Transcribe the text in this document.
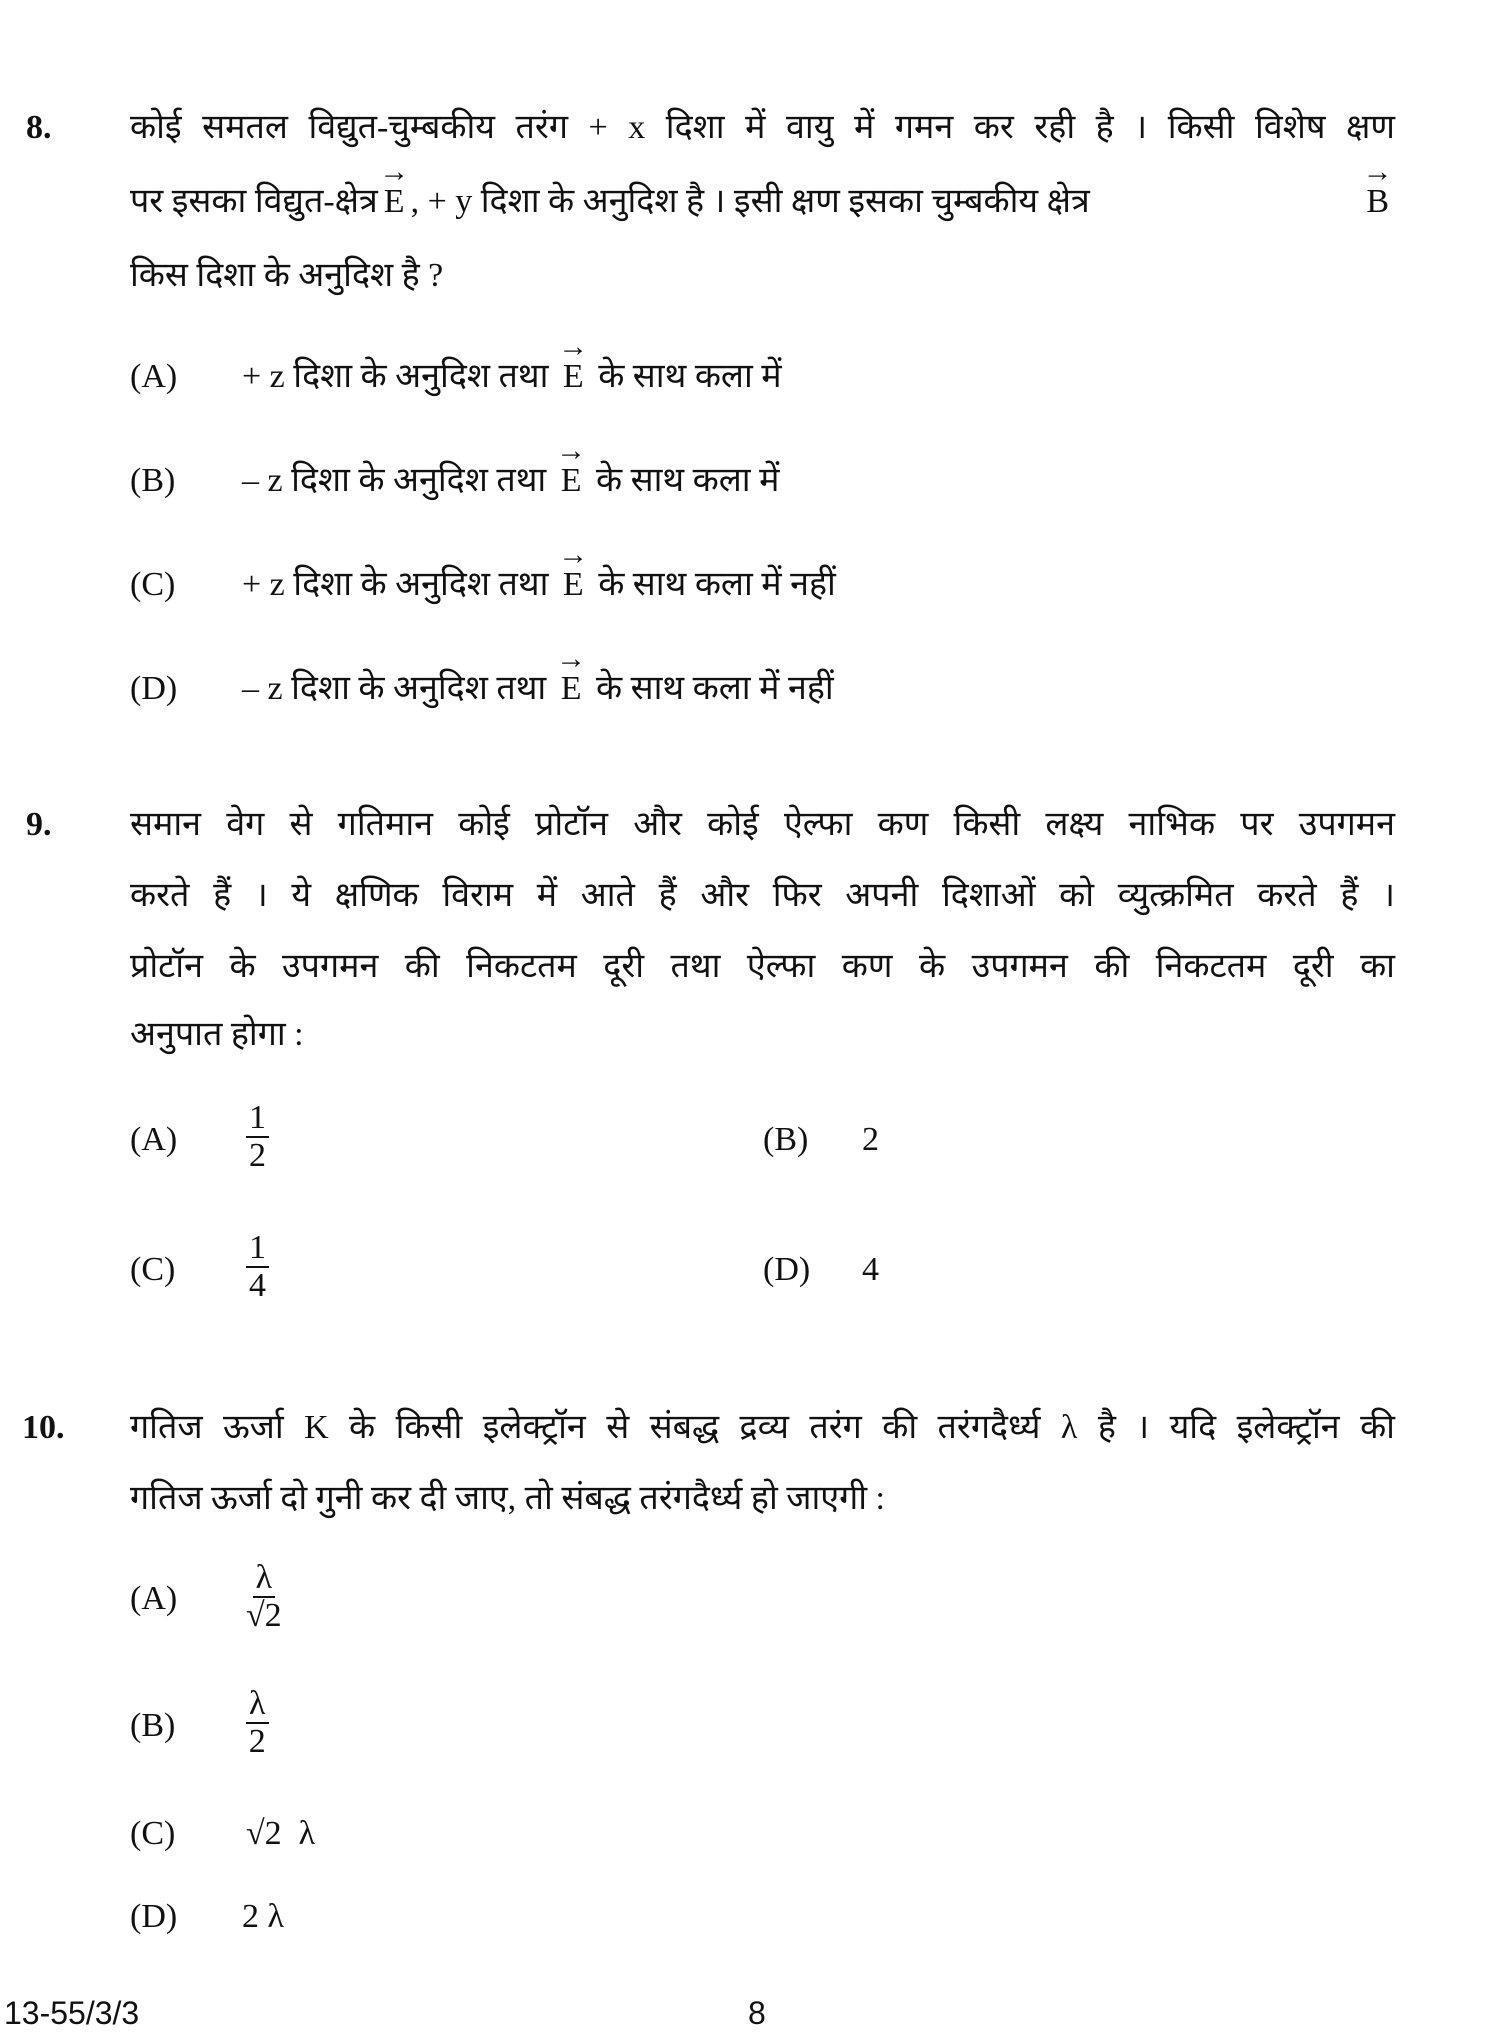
8. कोई समतल विद्युत-चुम्बकीय तरंग + x दिशा में वायु में गमन कर रही है । किसी विशेष क्षण
पर इसका विद्युत-क्षेत्र → E , + y दिशा के अनुदिश है । इसी क्षण इसका चुम्बकीय क्षेत्र	→ B
किस दिशा के अनुदिश है ?
(A) + z दिशा के अनुदिश तथा → E के साथ कला में
(B) – z दिशा के अनुदिश तथा → E के साथ कला में
(C) + z दिशा के अनुदिश तथा → E के साथ कला में नहीं
(D) – z दिशा के अनुदिश तथा → E के साथ कला में नहीं
9. समान वेग से गतिमान कोई प्रोटॉन और कोई ऐल्फा कण किसी लक्ष्य नाभिक पर उपगमन
करते हैं । ये क्षणिक विराम में आते हैं और फिर अपनी दिशाओं को व्युत्क्रमित करते हैं ।
प्रोटॉन के उपगमन की निकटतम दूरी तथा ऐल्फा कण के उपगमन की निकटतम दूरी का
अनुपात होगा :
$(A) \frac{1}{2}$	(B) 2
$(C) \frac{1}{4}$	(D) 4
10. गतिज ऊर्जा K के किसी इलेक्ट्रॉन से संबद्ध द्रव्य तरंग की तरंगदैर्ध्य λ है । यदि इलेक्ट्रॉन की
गतिज ऊर्जा दो गुनी कर दी जाए, तो संबद्ध तरंगदैर्ध्य हो जाएगी :
$(A) \frac{\lambda}{√2}$
$(B) \frac{\lambda}{2}$
(C) √2  λ
(D) 2 λ
13-55/3/3	8
